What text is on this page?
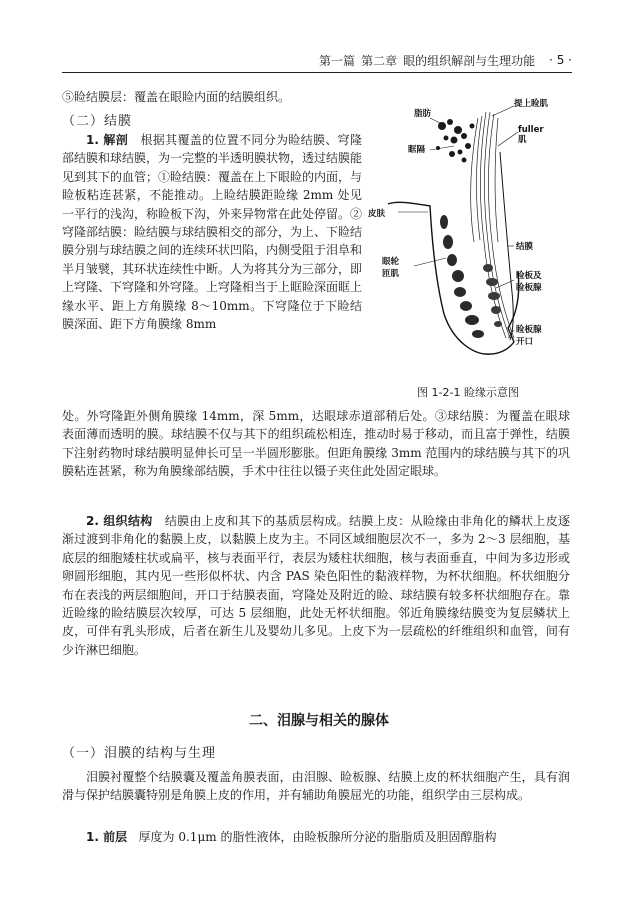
第一篇 第二章 眼的组织解剖与生理功能 · 5 ·

⑤睑结膜层：覆盖在眼睑内面的结膜组织。

（二）结膜

1. 解剖 根据其覆盖的位置不同分为睑结膜、穹隆部结膜和球结膜，为一完整的半透明膜状物，透过结膜能见到其下的血管；①睑结膜：覆盖在上下眼睑的内面，与睑板粘连甚紧，不能推动。上睑结膜距睑缘 2mm 处见一平行的浅沟，称睑板下沟，外来异物常在此处停留。②穹隆部结膜：睑结膜与球结膜相交的部分，为上、下睑结膜分别与球结膜之间的连续环状凹陷，内侧受阻于泪阜和半月皱襞，其环状连续性中断。人为将其分为三部分，即上穹隆、下穹隆和外穹隆。上穹隆相当于上眶睑深面眶上缘水平、距上方角膜缘 8～10mm。下穹隆位于下睑结膜深面、距下方角膜缘 8mm

处。外穹隆距外侧角膜缘 14mm，深 5mm，达眼球赤道部稍后处。③球结膜：为覆盖在眼球表面薄而透明的膜。球结膜不仅与其下的组织疏松相连，推动时易于移动，而且富于弹性，结膜下注射药物时球结膜明显伸长可呈一半圆形膨胀。但距角膜缘 3mm 范围内的球结膜与其下的巩膜粘连甚紧，称为角膜缘部结膜，手术中往往以镊子夹住此处固定眼球。

2. 组织结构 结膜由上皮和其下的基质层构成。结膜上皮：从睑缘由非角化的鳞状上皮逐渐过渡到非角化的黏膜上皮，以黏膜上皮为主。不同区域细胞层次不一，多为 2～3 层细胞，基底层的细胞矮柱状或扁平，核与表面平行，表层为矮柱状细胞，核与表面垂直，中间为多边形或卵圆形细胞，其内见一些形似杯状、内含 PAS 染色阳性的黏液样物，为杯状细胞。杯状细胞分布在表浅的两层细胞间，开口于结膜表面，穹隆处及附近的睑、球结膜有较多杯状细胞存在。靠近睑缘的睑结膜层次较厚，可达 5 层细胞，此处无杯状细胞。邻近角膜缘结膜变为复层鳞状上皮，可伴有乳头形成，后者在新生儿及婴幼儿多见。上皮下为一层疏松的纤维组织和血管，间有少许淋巴细胞。

二、泪腺与相关的腺体
（一）泪膜的结构与生理

泪膜衬覆整个结膜囊及覆盖角膜表面，由泪腺、睑板腺、结膜上皮的杯状细胞产生，具有润滑与保护结膜囊特别是角膜上皮的作用，并有辅助角膜屈光的功能，组织学由三层构成。

1. 前层 厚度为 0.1μm 的脂性液体，由睑板腺所分泌的脂脂质及胆固醇脂构

脂肪
提上睑肌
眶隔
fuller
肌
皮肤
结膜
眼轮
匝肌	睑板及
睑板腺
睑板腺
开口
图 1-2-1 睑缘示意图
